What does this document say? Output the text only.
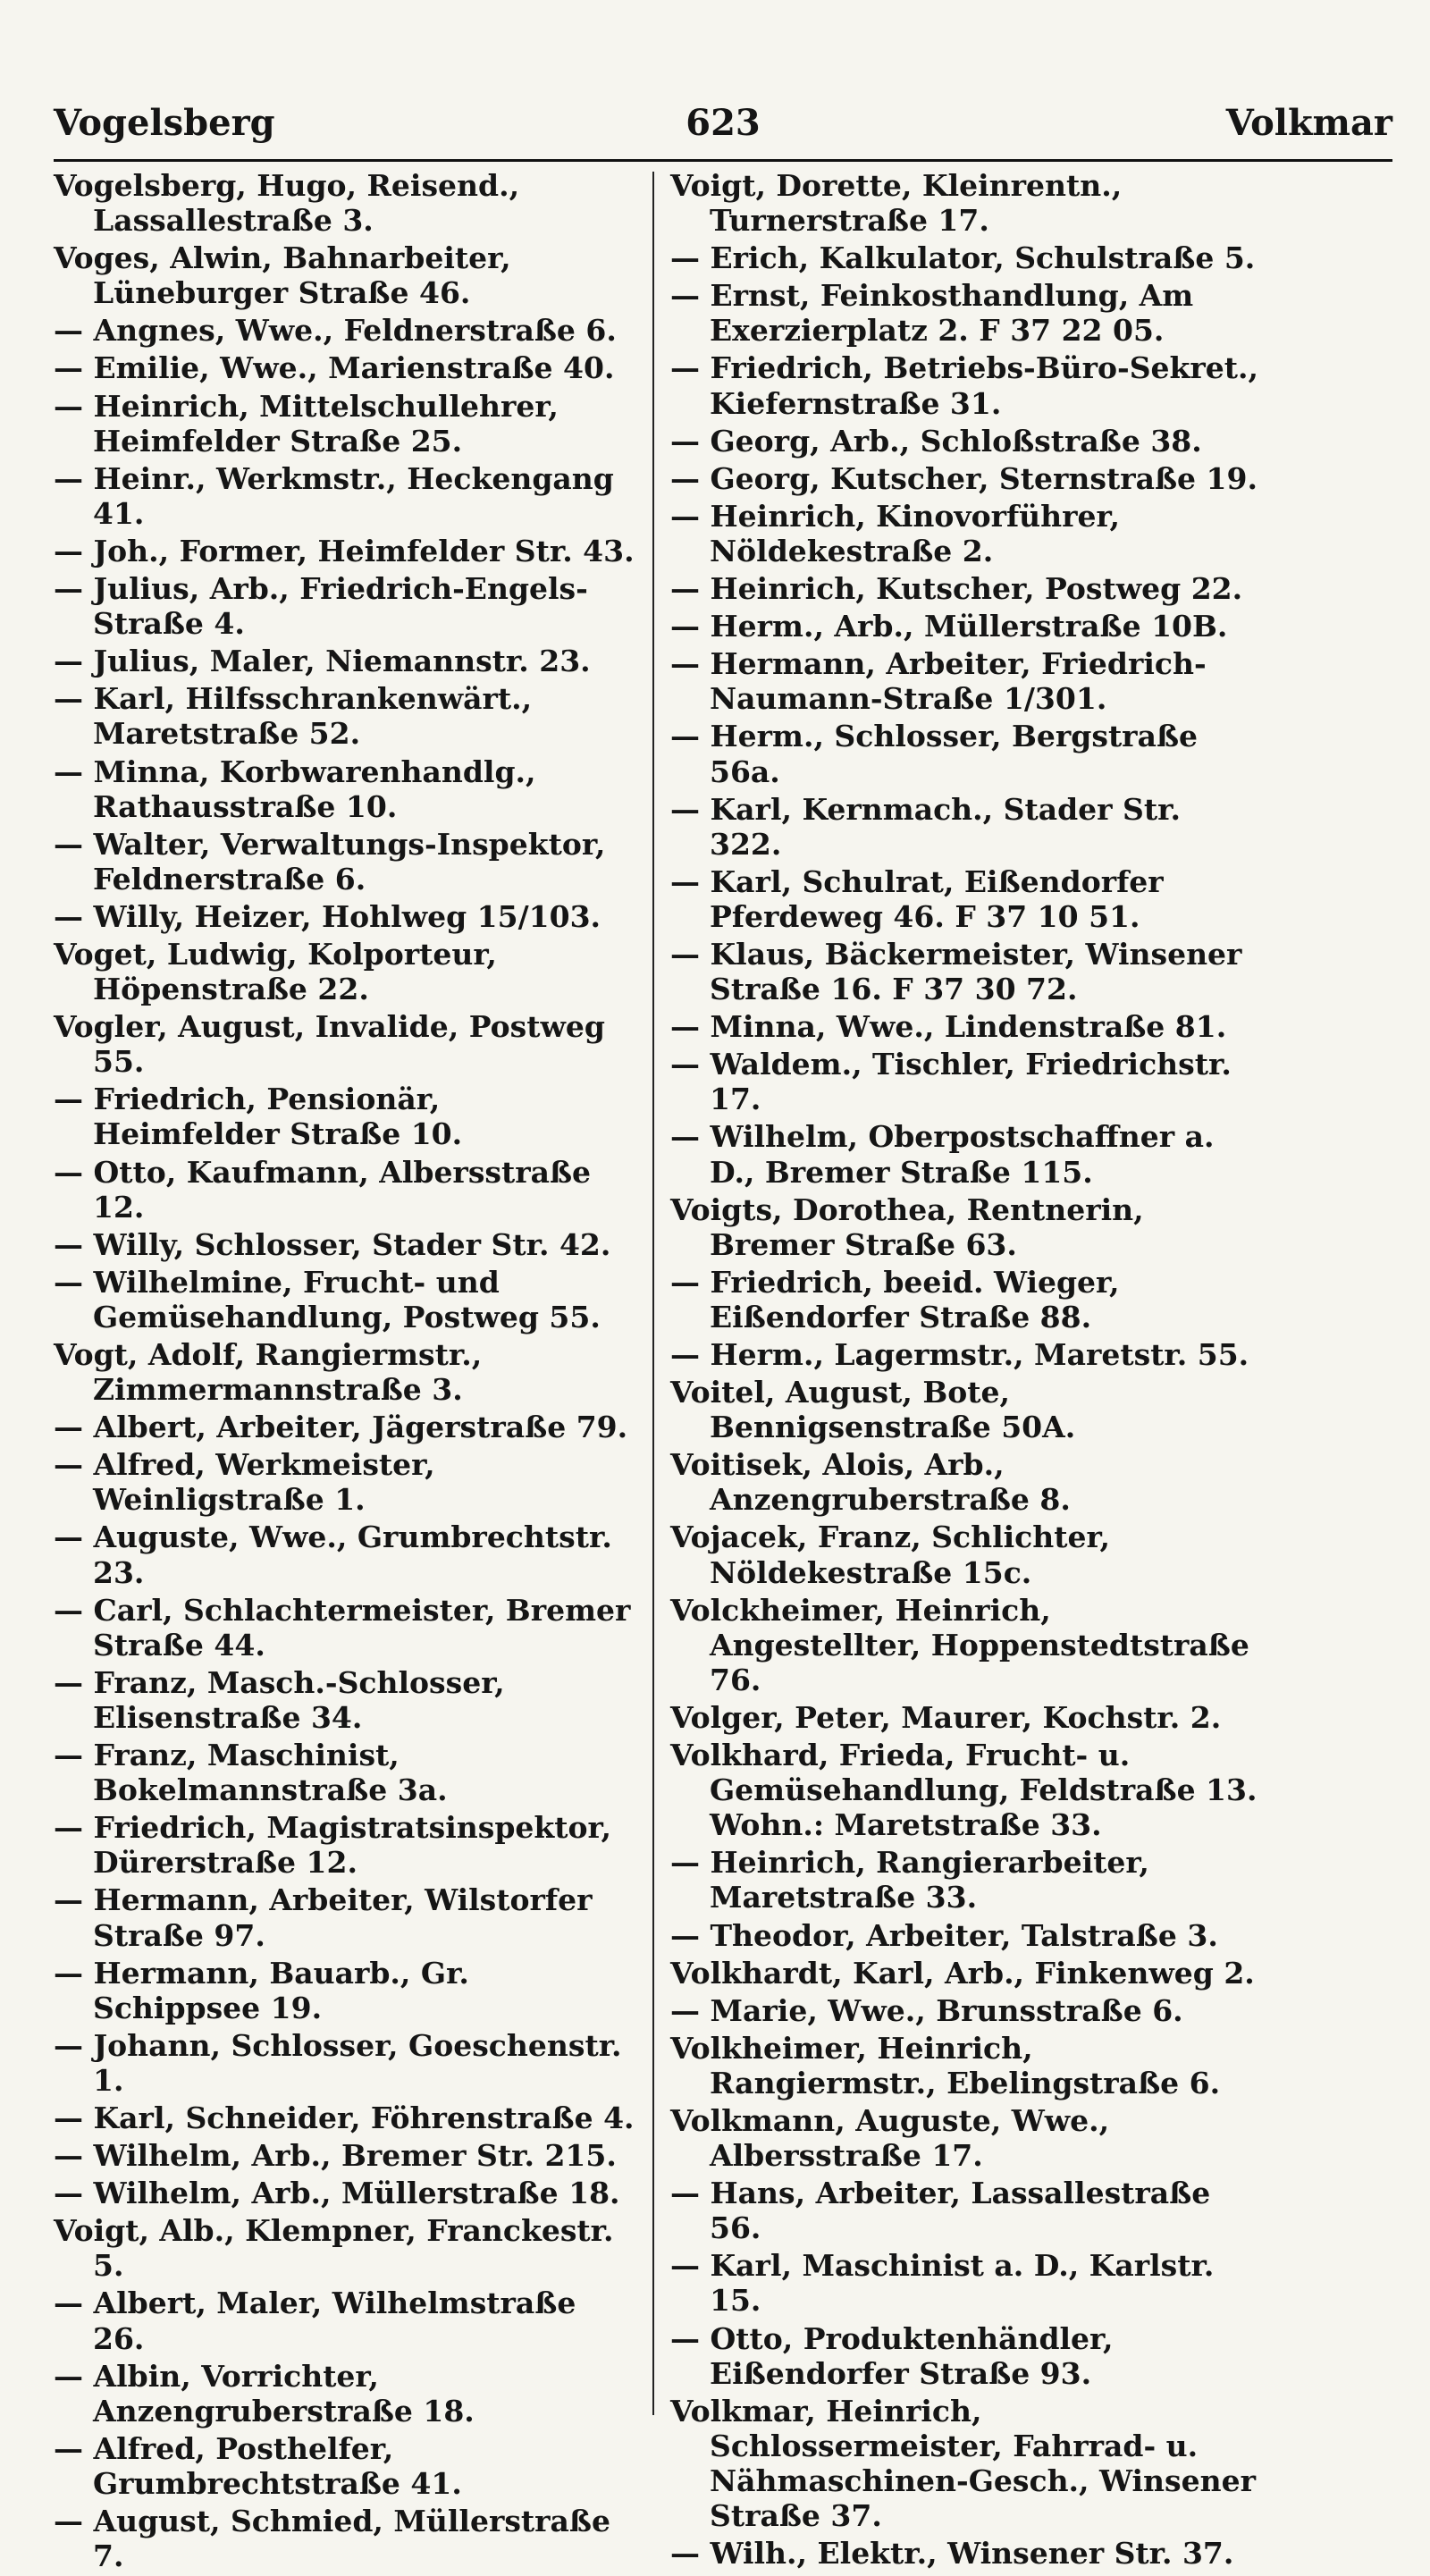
Vogelsberg	623	Volkmar
Vogelsberg, Hugo, Reisend., Lassallestraße 3.
Voges, Alwin, Bahnarbeiter, Lüneburger Straße 46.
— Angnes, Wwe., Feldnerstraße 6.
— Emilie, Wwe., Marienstraße 40.
— Heinrich, Mittelschullehrer, Heimfelder Straße 25.
— Heinr., Werkmstr., Heckengang 41.
— Joh., Former, Heimfelder Str. 43.
— Julius, Arb., Friedrich-Engels-Straße 4.
— Julius, Maler, Niemannstr. 23.
— Karl, Hilfsschrankenwärt., Maretstraße 52.
— Minna, Korbwarenhandlg., Rathausstraße 10.
— Walter, Verwaltungs-Inspektor, Feldnerstraße 6.
— Willy, Heizer, Hohlweg 15/103.
Voget, Ludwig, Kolporteur, Höpenstraße 22.
Vogler, August, Invalide, Postweg 55.
— Friedrich, Pensionär, Heimfelder Straße 10.
— Otto, Kaufmann, Albersstraße 12.
— Willy, Schlosser, Stader Str. 42.
— Wilhelmine, Frucht- und Gemüsehandlung, Postweg 55.
Vogt, Adolf, Rangiermstr., Zimmermannstraße 3.
— Albert, Arbeiter, Jägerstraße 79.
— Alfred, Werkmeister, Weinligstraße 1.
— Auguste, Wwe., Grumbrechtstr. 23.
— Carl, Schlachtermeister, Bremer Straße 44.
— Franz, Masch.-Schlosser, Elisenstraße 34.
— Franz, Maschinist, Bokelmannstraße 3a.
— Friedrich, Magistratsinspektor, Dürerstraße 12.
— Hermann, Arbeiter, Wilstorfer Straße 97.
— Hermann, Bauarb., Gr. Schippsee 19.
— Johann, Schlosser, Goeschenstr. 1.
— Karl, Schneider, Föhrenstraße 4.
— Wilhelm, Arb., Bremer Str. 215.
— Wilhelm, Arb., Müllerstraße 18.
Voigt, Alb., Klempner, Franckestr. 5.
— Albert, Maler, Wilhelmstraße 26.
— Albin, Vorrichter, Anzengruberstraße 18.
— Alfred, Posthelfer, Grumbrechtstraße 41.
— August, Schmied, Müllerstraße 7.
Voigt, Dorette, Kleinrentn., Turnerstraße 17.
— Erich, Kalkulator, Schulstraße 5.
— Ernst, Feinkosthandlung, Am Exerzierplatz 2. F 37 22 05.
— Friedrich, Betriebs-Büro-Sekret., Kiefernstraße 31.
— Georg, Arb., Schloßstraße 38.
— Georg, Kutscher, Sternstraße 19.
— Heinrich, Kinovorführer, Nöldekestraße 2.
— Heinrich, Kutscher, Postweg 22.
— Herm., Arb., Müllerstraße 10B.
— Hermann, Arbeiter, Friedrich-Naumann-Straße 1/301.
— Herm., Schlosser, Bergstraße 56a.
— Karl, Kernmach., Stader Str. 322.
— Karl, Schulrat, Eißendorfer Pferdeweg 46. F 37 10 51.
— Klaus, Bäckermeister, Winsener Straße 16. F 37 30 72.
— Minna, Wwe., Lindenstraße 81.
— Waldem., Tischler, Friedrichstr. 17.
— Wilhelm, Oberpostschaffner a. D., Bremer Straße 115.
Voigts, Dorothea, Rentnerin, Bremer Straße 63.
— Friedrich, beeid. Wieger, Eißendorfer Straße 88.
— Herm., Lagermstr., Maretstr. 55.
Voitel, August, Bote, Bennigsenstraße 50A.
Voitisek, Alois, Arb., Anzengruberstraße 8.
Vojacek, Franz, Schlichter, Nöldekestraße 15c.
Volckheimer, Heinrich, Angestellter, Hoppenstedtstraße 76.
Volger, Peter, Maurer, Kochstr. 2.
Volkhard, Frieda, Frucht- u. Gemüsehandlung, Feldstraße 13. Wohn.: Maretstraße 33.
— Heinrich, Rangierarbeiter, Maretstraße 33.
— Theodor, Arbeiter, Talstraße 3.
Volkhardt, Karl, Arb., Finkenweg 2.
— Marie, Wwe., Brunsstraße 6.
Volkheimer, Heinrich, Rangiermstr., Ebelingstraße 6.
Volkmann, Auguste, Wwe., Albersstraße 17.
— Hans, Arbeiter, Lassallestraße 56.
— Karl, Maschinist a. D., Karlstr. 15.
— Otto, Produktenhändler, Eißendorfer Straße 93.
Volkmar, Heinrich, Schlossermeister, Fahrrad- u. Nähmaschinen-Gesch., Winsener Straße 37.
— Wilh., Elektr., Winsener Str. 37.
